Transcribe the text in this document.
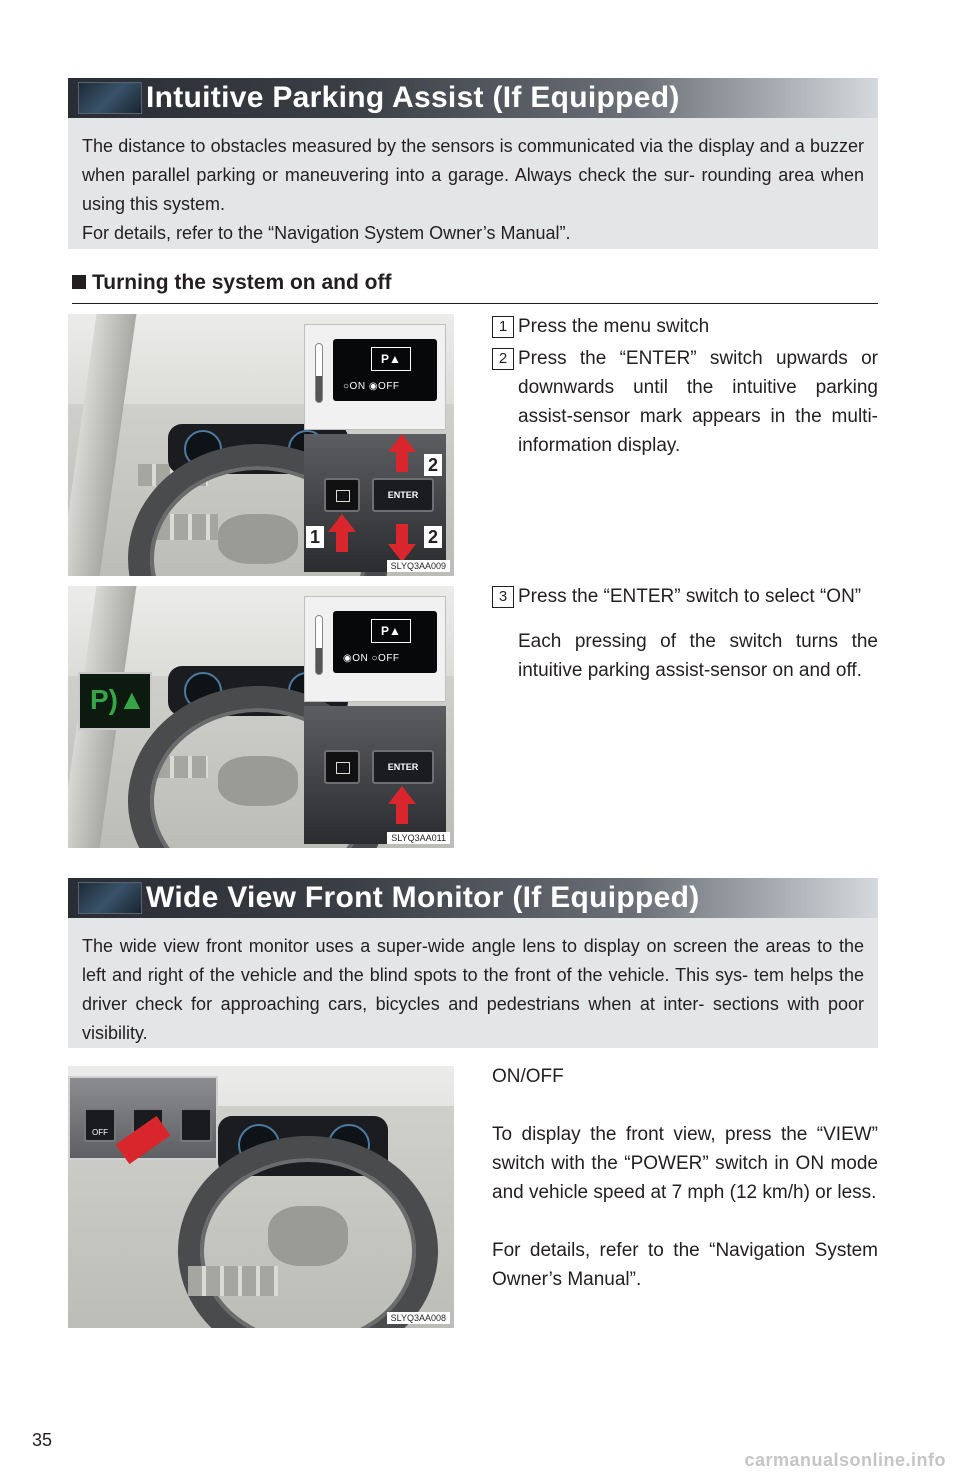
Intuitive Parking Assist (If Equipped)

The distance to obstacles measured by the sensors is communicated via the display and a buzzer when parallel parking or maneuvering into a garage. Always check the sur- rounding area when using this system.

For details, refer to the “Navigation System Owner’s Manual”.

Turning the system on and off
P▲
○ON ◉OFF
ENTER
2
2
1
SLYQ3AA009
1 Press the menu switch
2 Press the “ENTER” switch upwards or downwards until the intuitive parking assist-sensor mark appears in the multi- information display.
P)▲
P▲
◉ON ○OFF
ENTER
SLYQ3AA011
3 Press the “ENTER” switch to select “ON”
Each pressing of the switch turns the intuitive parking assist-sensor on and off.
Wide View Front Monitor (If Equipped)

The wide view front monitor uses a super-wide angle lens to display on screen the areas to the left and right of the vehicle and the blind spots to the front of the vehicle. This sys- tem helps the driver check for approaching cars, bicycles and pedestrians when at inter- sections with poor visibility.

OFF
SLYQ3AA008
ON/OFF
To display the front view, press the “VIEW” switch with the “POWER” switch in ON mode and vehicle speed at 7 mph (12 km/h) or less.
For details, refer to the “Navigation System Owner’s Manual”.
35
carmanualsonline.info
